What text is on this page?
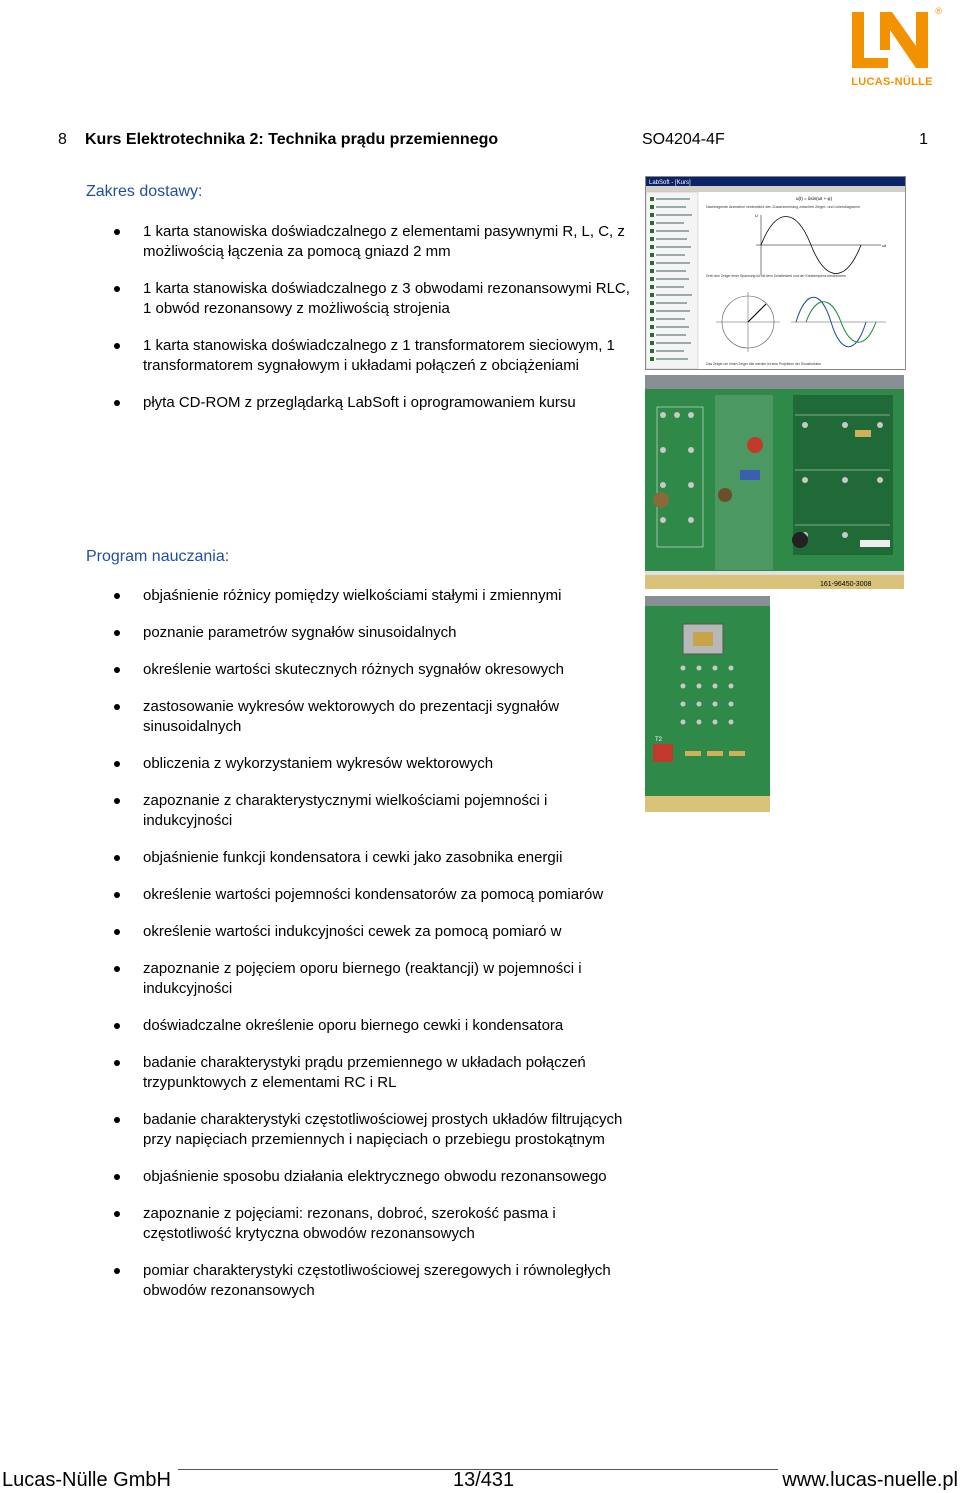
®
LUCAS-NÜLLE
8 Kurs Elektrotechnika 2: Technika prądu przemiennego	SO4204-4F	1
Zakres dostawy:
1 karta stanowiska doświadczalnego z elementami pasywnymi R, L, C, z możliwością łączenia za pomocą gniazd 2 mm
1 karta stanowiska doświadczalnego z 3 obwodami rezonansowymi RLC, 1 obwód rezonansowy z możliwością strojenia
1 karta stanowiska doświadczalnego z 1 transformatorem sieciowym, 1 transformatorem sygnałowym i układami połączeń z obciążeniami
płyta CD-ROM z przeglądarką LabSoft i oprogramowaniem kursu
Program nauczania:
objaśnienie różnicy pomiędzy wielkościami stałymi i zmiennymi
poznanie parametrów sygnałów sinusoidalnych
określenie wartości skutecznych różnych sygnałów okresowych
zastosowanie wykresów wektorowych do prezentacji sygnałów sinusoidalnych
obliczenia z wykorzystaniem wykresów wektorowych
zapoznanie z charakterystycznymi wielkościami pojemności i indukcyjności
objaśnienie funkcji kondensatora i cewki jako zasobnika energii
określenie wartości pojemności kondensatorów za pomocą pomiarów
określenie wartości indukcyjności cewek za pomocą pomiaró w
zapoznanie z pojęciem oporu biernego (reaktancji) w pojemności i indukcyjności
doświadczalne określenie oporu biernego cewki i kondensatora
badanie charakterystyki prądu przemiennego w układach połączeń trzypunktowych z elementami RC i RL
badanie charakterystyki częstotliwościowej prostych układów filtrujących przy napięciach przemiennych i napięciach o przebiegu prostokątnym
objaśnienie sposobu działania elektrycznego obwodu rezonansowego
zapoznanie z pojęciami: rezonans, dobroć, szerokość pasma i częstotliwość krytyczna obwodów rezonansowych
pomiar charakterystyki częstotliwościowej szeregowych i równoległych obwodów rezonansowych
LabSoft - [Kurs]
u(t) = ûsin(ωt + φ)
Nachfolgende Animation verdeutlicht den Zusammenhang zwischen Zeiger- und Liniendiagramm
ωt
U
Dreh den Zeiger einer Spannung ist mit dem Scheitelwert und der Kreisfrequenz beschrieben
Das Zeiger um einen Zeiger bild werden ist eine Projektion der Sinusfunktion
161-96450-3008
T2
Lucas-Nülle GmbH	13/431	www.lucas-nuelle.pl
